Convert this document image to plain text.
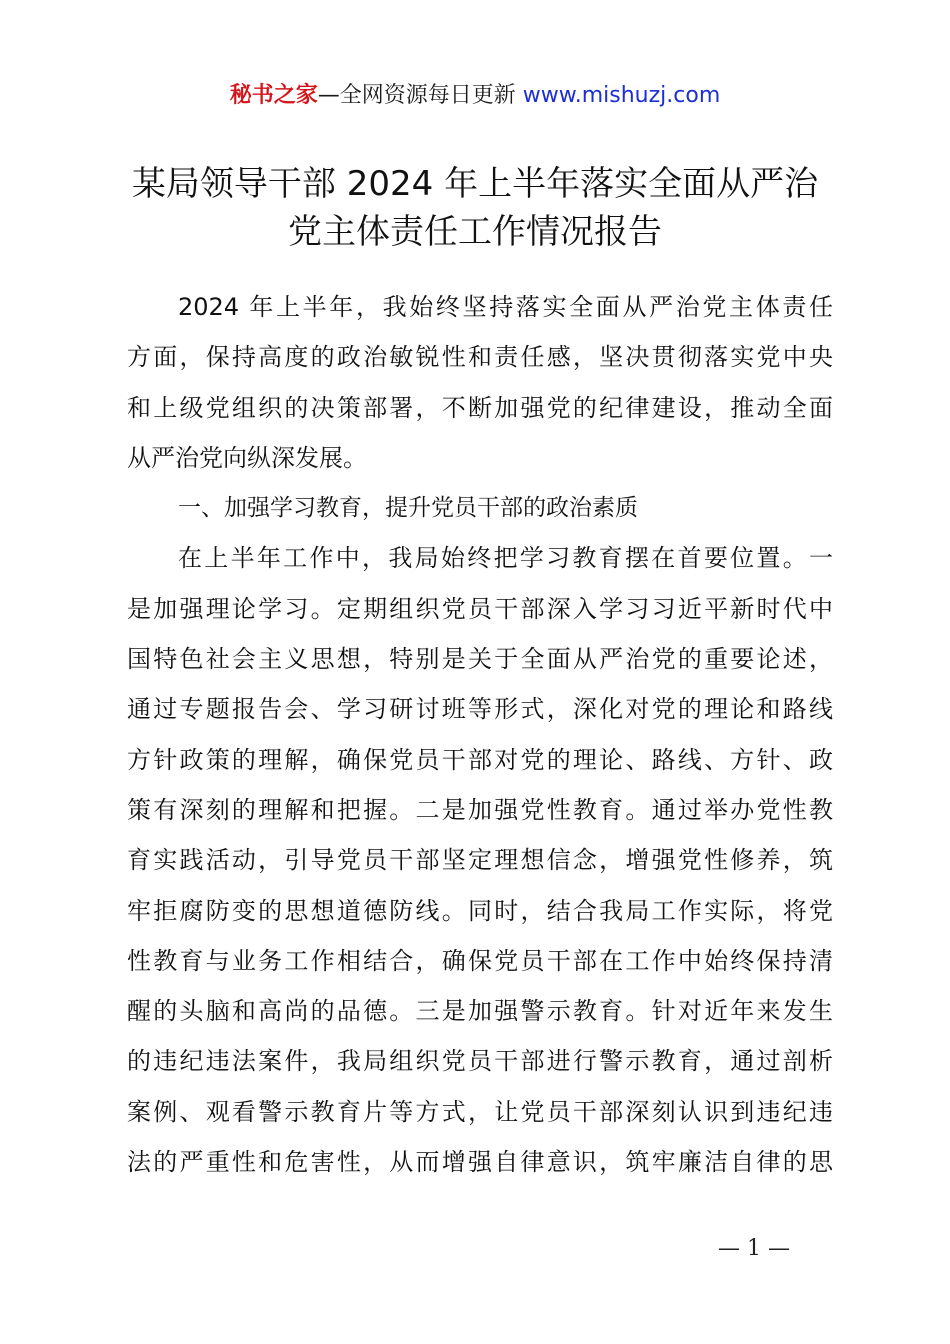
秘书之家—全网资源每日更新 www.mishuzj.com
某局领导干部 2024 年上半年落实全面从严治
党主体责任工作情况报告
2024 年上半年，我始终坚持落实全面从严治党主体责任
方面，保持高度的政治敏锐性和责任感，坚决贯彻落实党中央
和上级党组织的决策部署，不断加强党的纪律建设，推动全面
从严治党向纵深发展。
一、加强学习教育，提升党员干部的政治素质
在上半年工作中，我局始终把学习教育摆在首要位置。一
是加强理论学习。定期组织党员干部深入学习习近平新时代中
国特色社会主义思想，特别是关于全面从严治党的重要论述，
通过专题报告会、学习研讨班等形式，深化对党的理论和路线
方针政策的理解，确保党员干部对党的理论、路线、方针、政
策有深刻的理解和把握。二是加强党性教育。通过举办党性教
育实践活动，引导党员干部坚定理想信念，增强党性修养，筑
牢拒腐防变的思想道德防线。同时，结合我局工作实际，将党
性教育与业务工作相结合，确保党员干部在工作中始终保持清
醒的头脑和高尚的品德。三是加强警示教育。针对近年来发生
的违纪违法案件，我局组织党员干部进行警示教育，通过剖析
案例、观看警示教育片等方式，让党员干部深刻认识到违纪违
法的严重性和危害性，从而增强自律意识，筑牢廉洁自律的思
— 1 —
